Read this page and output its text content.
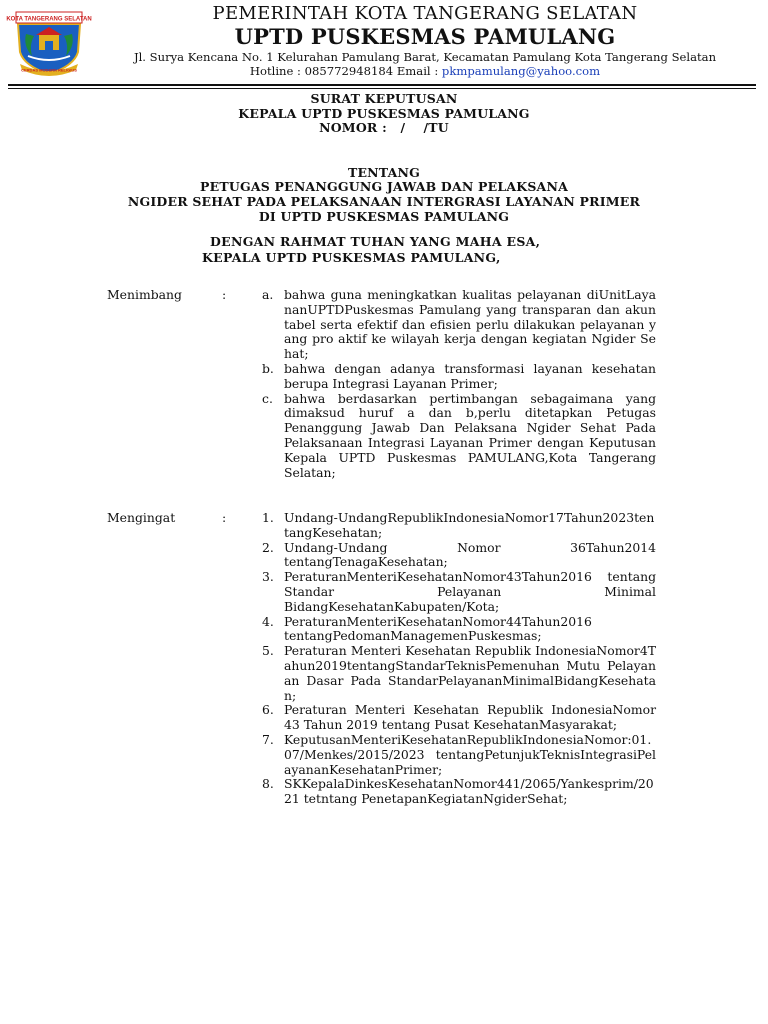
KOTA TANGERANG SELATAN
CERDAS MODERN RELIGIUS
PEMERINTAH KOTA TANGERANG SELATAN
UPTD PUSKESMAS PAMULANG
Jl. Surya Kencana No. 1 Kelurahan Pamulang Barat, Kecamatan Pamulang Kota Tangerang Selatan
Hotline : 085772948184 Email : pkmpamulang@yahoo.com
SURAT KEPUTUSAN
KEPALA UPTD PUSKESMAS PAMULANG
NOMOR :   /    /TU
TENTANG
PETUGAS PENANGGUNG JAWAB DAN PELAKSANA
NGIDER SEHAT PADA PELAKSANAAN INTERGRASI LAYANAN PRIMER
DI UPTD PUSKESMAS PAMULANG
DENGAN RAHMAT TUHAN YANG MAHA ESA,
KEPALA UPTD PUSKESMAS PAMULANG,
Menimbang	:	a. bahwa guna meningkatkan kualitas pelayanan diUnitLayananUPTDPuskesmas Pamulang yang transparan dan akun tabel serta efektif dan efisien perlu dilakukan pelayanan yang pro aktif ke wilayah kerja dengan kegiatan Ngider Sehat;
b. bahwa dengan adanya transformasi layanan kesehatan berupa Integrasi Layanan Primer;
c. bahwa berdasarkan pertimbangan sebagaimana yang dimaksud huruf a dan b,perlu ditetapkan Petugas Penanggung Jawab Dan Pelaksana Ngider Sehat Pada Pelaksanaan Integrasi Layanan Primer dengan Keputusan Kepala UPTD Puskesmas PAMULANG,Kota Tangerang Selatan;
Mengingat	:	1. Undang-UndangRepublikIndonesiaNomor17Tahun2023tentangKesehatan;
2. Undang-Undang Nomor 36Tahun2014 tentangTenagaKesehatan;
3. PeraturanMenteriKesehatanNomor43Tahun2016 tentang Standar Pelayanan Minimal BidangKesehatanKabupaten/Kota;
4. PeraturanMenteriKesehatanNomor44Tahun2016 tentangPedomanManagemenPuskesmas;
5. Peraturan Menteri Kesehatan Republik IndonesiaNomor4Tahun2019tentangStandarTeknisPemenuhan Mutu Pelayanan Dasar Pada StandarPelayananMinimalBidangKesehatan;
6. Peraturan Menteri Kesehatan Republik IndonesiaNomor 43 Tahun 2019 tentang Pusat KesehatanMasyarakat;
7. KeputusanMenteriKesehatanRepublikIndonesiaNomor:01.07/Menkes/2015/2023 tentangPetunjukTeknisIntegrasiPelayananKesehatanPrimer;
8. SKKepalaDinkesKesehatanNomor441/2065/Yankesprim/2021 tetntang PenetapanKegiatanNgiderSehat;
